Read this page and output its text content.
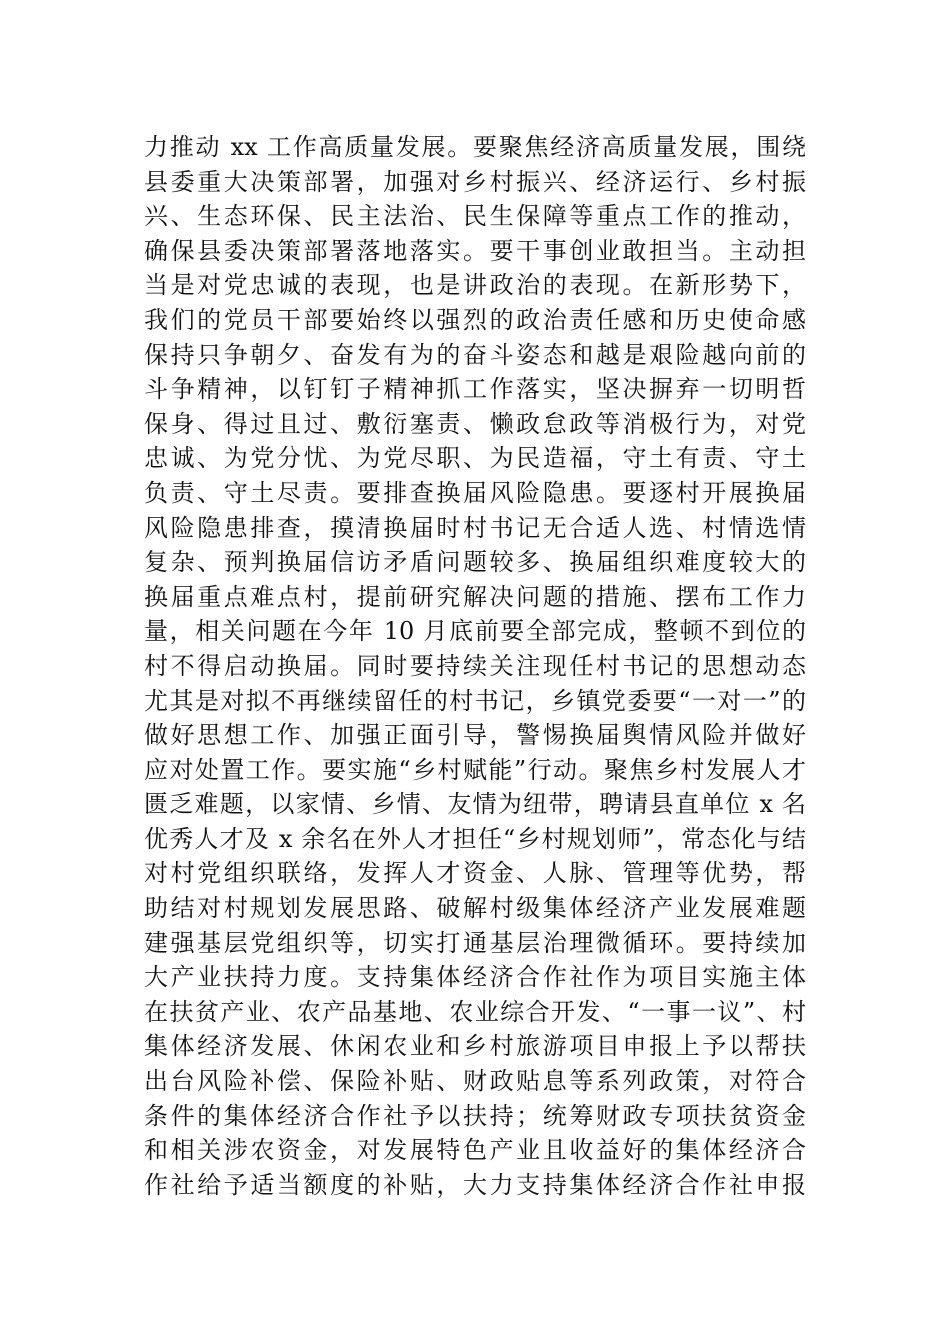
力推动 xx 工作高质量发展。要聚焦经济高质量发展，围绕
县委重大决策部署，加强对乡村振兴、经济运行、乡村振
兴、生态环保、民主法治、民生保障等重点工作的推动，
确保县委决策部署落地落实。要干事创业敢担当。主动担
当是对党忠诚的表现，也是讲政治的表现。在新形势下，
我们的党员干部要始终以强烈的政治责任感和历史使命感
保持只争朝夕、奋发有为的奋斗姿态和越是艰险越向前的
斗争精神，以钉钉子精神抓工作落实，坚决摒弃一切明哲
保身、得过且过、敷衍塞责、懒政怠政等消极行为，对党
忠诚、为党分忧、为党尽职、为民造福，守土有责、守土
负责、守土尽责。要排查换届风险隐患。要逐村开展换届
风险隐患排查，摸清换届时村书记无合适人选、村情选情
复杂、预判换届信访矛盾问题较多、换届组织难度较大的
换届重点难点村，提前研究解决问题的措施、摆布工作力
量，相关问题在今年 10 月底前要全部完成，整顿不到位的
村不得启动换届。同时要持续关注现任村书记的思想动态
尤其是对拟不再继续留任的村书记，乡镇党委要“一对一”的
做好思想工作、加强正面引导，警惕换届舆情风险并做好
应对处置工作。要实施“乡村赋能”行动。聚焦乡村发展人才
匮乏难题，以家情、乡情、友情为纽带，聘请县直单位 x 名
优秀人才及 x 余名在外人才担任“乡村规划师”，常态化与结
对村党组织联络，发挥人才资金、人脉、管理等优势，帮
助结对村规划发展思路、破解村级集体经济产业发展难题
建强基层党组织等，切实打通基层治理微循环。要持续加
大产业扶持力度。支持集体经济合作社作为项目实施主体
在扶贫产业、农产品基地、农业综合开发、“一事一议”、村
集体经济发展、休闲农业和乡村旅游项目申报上予以帮扶
出台风险补偿、保险补贴、财政贴息等系列政策，对符合
条件的集体经济合作社予以扶持；统筹财政专项扶贫资金
和相关涉农资金，对发展特色产业且收益好的集体经济合
作社给予适当额度的补贴，大力支持集体经济合作社申报
